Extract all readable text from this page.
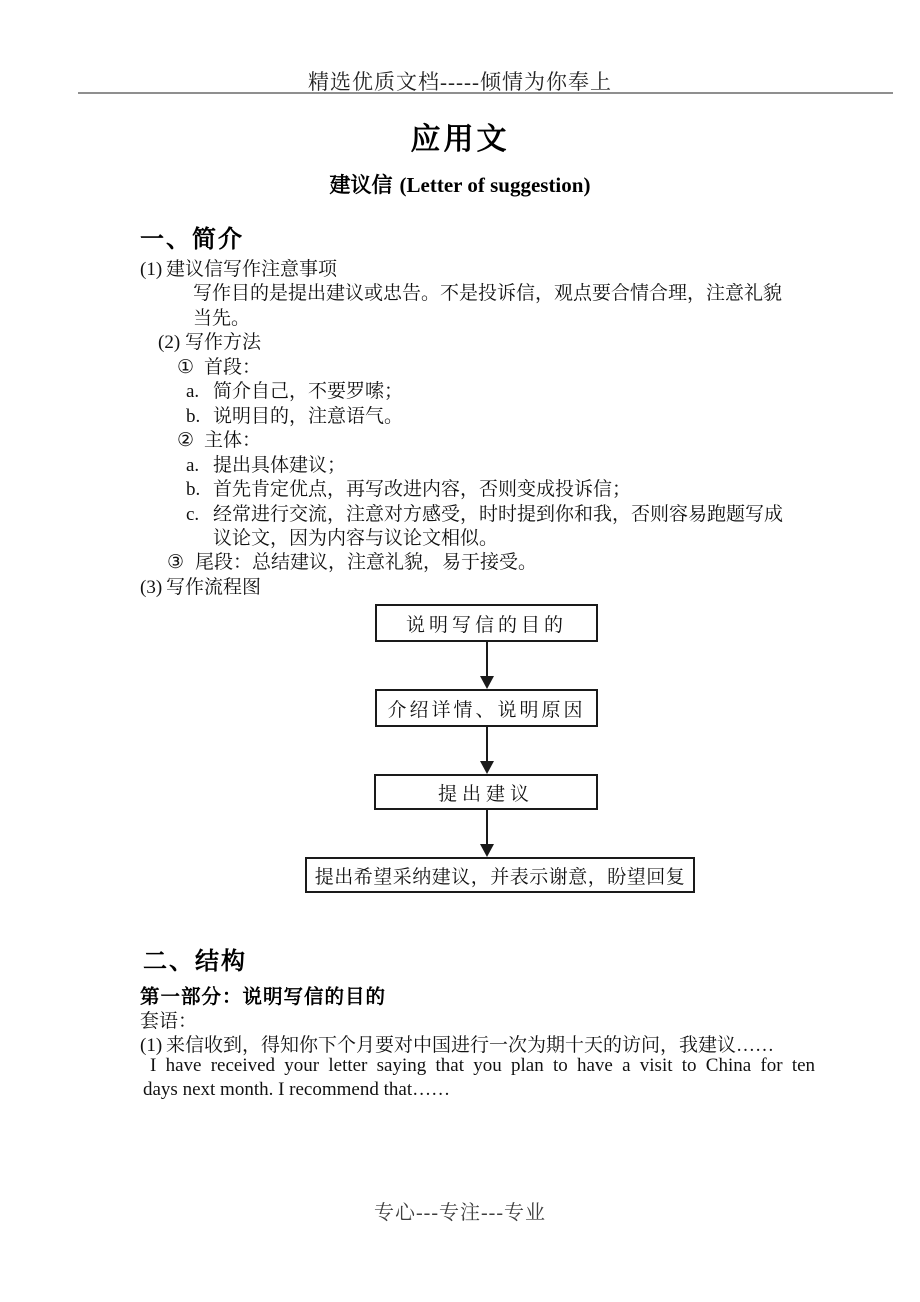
精选优质文档-----倾情为你奉上
应用文
建议信 (Letter of suggestion)
一、简介
(1) 建议信写作注意事项
写作目的是提出建议或忠告。不是投诉信，观点要合情合理，注意礼貌
当先。
(2) 写作方法
① 首段：
a. 简介自己，不要罗嗦；
b. 说明目的，注意语气。
② 主体：
a. 提出具体建议；
b. 首先肯定优点，再写改进内容，否则变成投诉信；
c. 经常进行交流，注意对方感受，时时提到你和我，否则容易跑题写成
议论文，因为内容与议论文相似。
③ 尾段：总结建议，注意礼貌，易于接受。
(3) 写作流程图
说明写信的目的
介绍详情、说明原因
提出建议
提出希望采纳建议，并表示谢意，盼望回复
二、结构
第一部分：说明写信的目的
套语：
(1) 来信收到，得知你下个月要对中国进行一次为期十天的访问，我建议……
I have received your letter saying that you plan to have a visit to China for ten
days next month. I recommend that……
专心---专注---专业
